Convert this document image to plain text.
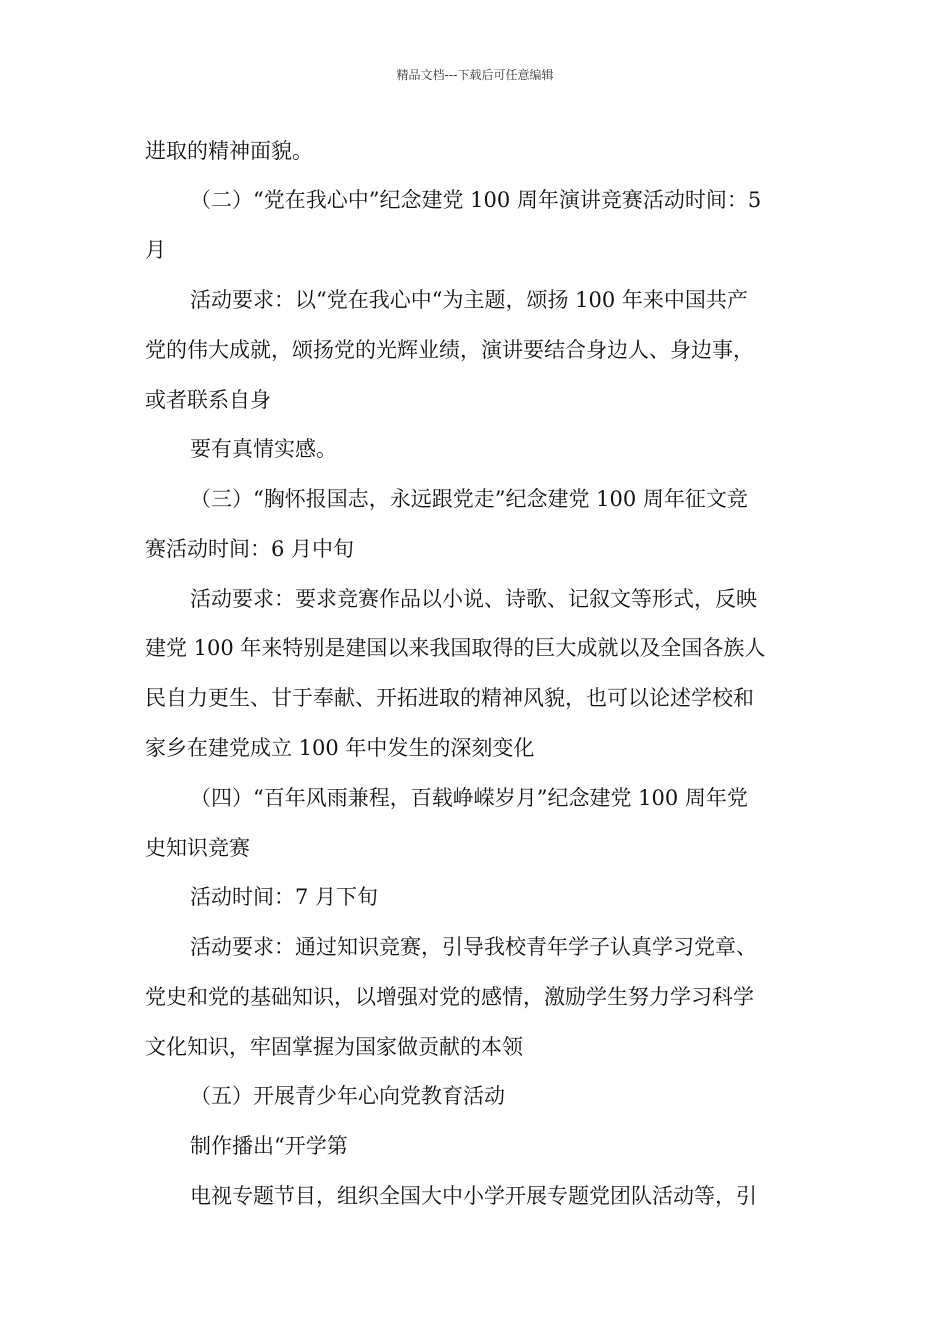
精品文档---下载后可任意编辑
进取的精神面貌。
（二）“党在我心中”纪念建党 100 周年演讲竞赛活动时间：5
月
活动要求：以“党在我心中“为主题，颂扬 100 年来中国共产
党的伟大成就，颂扬党的光辉业绩，演讲要结合身边人、身边事，
或者联系自身
要有真情实感。
（三）“胸怀报国志，永远跟党走”纪念建党 100 周年征文竞
赛活动时间：6 月中旬
活动要求：要求竞赛作品以小说、诗歌、记叙文等形式，反映
建党 100 年来特别是建国以来我国取得的巨大成就以及全国各族人
民自力更生、甘于奉献、开拓进取的精神风貌，也可以论述学校和
家乡在建党成立 100 年中发生的深刻变化
（四）“百年风雨兼程，百载峥嵘岁月”纪念建党 100 周年党
史知识竞赛
活动时间：7 月下旬
活动要求：通过知识竞赛，引导我校青年学子认真学习党章、
党史和党的基础知识，以增强对党的感情，激励学生努力学习科学
文化知识，牢固掌握为国家做贡献的本领
（五）开展青少年心向党教育活动
制作播出“开学第
电视专题节目，组织全国大中小学开展专题党团队活动等，引
